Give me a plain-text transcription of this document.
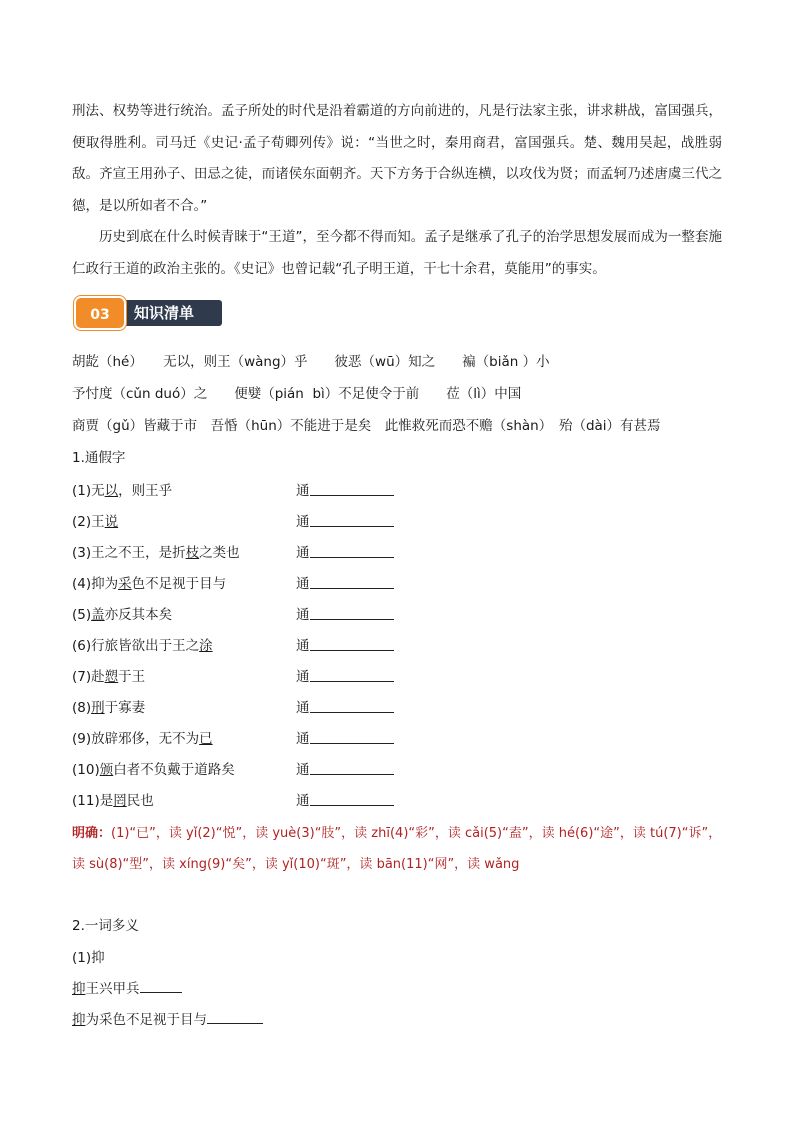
刑法、权势等进行统治。孟子所处的时代是沿着霸道的方向前进的，凡是行法家主张，讲求耕战，富国强兵，便取得胜利。司马迁《史记·孟子荀卿列传》说：“当世之时，秦用商君，富国强兵。楚、魏用吴起，战胜弱敌。齐宣王用孙子、田忌之徒，而诸侯东面朝齐。天下方务于合纵连横，以攻伐为贤；而孟轲乃述唐虞三代之德，是以所如者不合。”
历史到底在什么时候青睐于“王道”，至今都不得而知。孟子是继承了孔子的治学思想发展而成为一整套施仁政行王道的政治主张的。《史记》也曾记载“孔子明王道，干七十余君，莫能用”的事实。
03	知识清单
胡龁（hé）　　无以，则王（wàng）乎　　彼恶（wū）知之　　褊（biǎn ）小
予忖度（cǔn duó）之　　便嬖（pián  bì）不足使令于前　　莅（lì）中国
商贾（gǔ）皆藏于市　吾惛（hūn）不能进于是矣　此惟救死而恐不赡（shàn）　殆（dài）有甚焉
1.通假字
(1)无以，则王乎	通
(2)王说	通
(3)王之不王，是折枝之类也	通
(4)抑为采色不足视于目与	通
(5)盖亦反其本矣	通
(6)行旅皆欲出于王之涂	通
(7)赴愬于王	通
(8)刑于寡妻	通
(9)放辟邪侈，无不为已	通
(10)颁白者不负戴于道路矣	通
(11)是罔民也	通
明确：(1)“已”，读 yǐ(2)“悦”，读 yuè(3)“肢”，读 zhī(4)“彩”，读 cǎi(5)“盍”，读 hé(6)“途”，读 tú(7)“诉”，读 sù(8)“型”，读 xíng(9)“矣”，读 yǐ(10)“斑”，读 bān(11)“网”，读 wǎng
2.一词多义
(1)抑
抑王兴甲兵
抑为采色不足视于目与
